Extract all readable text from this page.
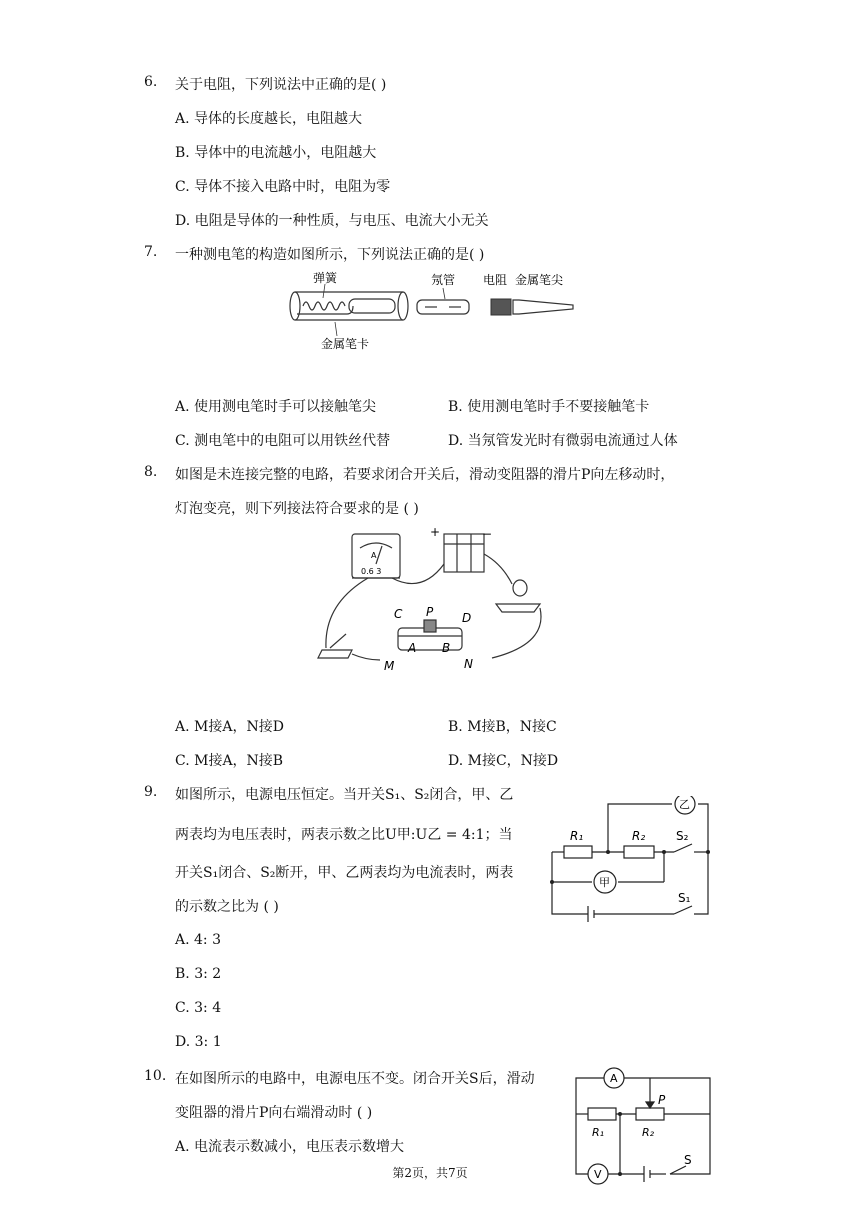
6. 关于电阻，下列说法中正确的是( )
A. 导体的长度越长，电阻越大
B. 导体中的电流越小，电阻越大
C. 导体不接入电路中时，电阻为零
D. 电阻是导体的一种性质，与电压、电流大小无关
7. 一种测电笔的构造如图所示，下列说法正确的是( )
弹簧
金属笔卡
氖管 电阻 金属笔尖
A. 使用测电笔时手可以接触笔尖	B. 使用测电笔时手不要接触笔卡
C. 测电笔中的电阻可以用铁丝代替	D. 当氖管发光时有微弱电流通过人体
8. 如图是未连接完整的电路，若要求闭合开关后，滑动变阻器的滑片P向左移动时，
灯泡变亮，则下列接法符合要求的是 ( )
+	−
A
0.6 3
C P D
A B
M	N
A. M接A，N接D	B. M接B，N接C
C. M接A，N接B	D. M接C，N接D
9. 如图所示，电源电压恒定。当开关S₁、S₂闭合，甲、乙
两表均为电压表时，两表示数之比U甲:U乙 = 4:1；当
开关S₁闭合、S₂断开，甲、乙两表均为电流表时，两表
的示数之比为 ( )
乙
甲
R₁	R₂	S₂
S₁
A. 4: 3
B. 3: 2
C. 3: 4
D. 3: 1
10. 在如图所示的电路中，电源电压不变。闭合开关S后，滑动
变阻器的滑片P向右端滑动时 ( )
A. 电流表示数减小，电压表示数增大
A
V
P
R₁	R₂
S
第2页，共7页
